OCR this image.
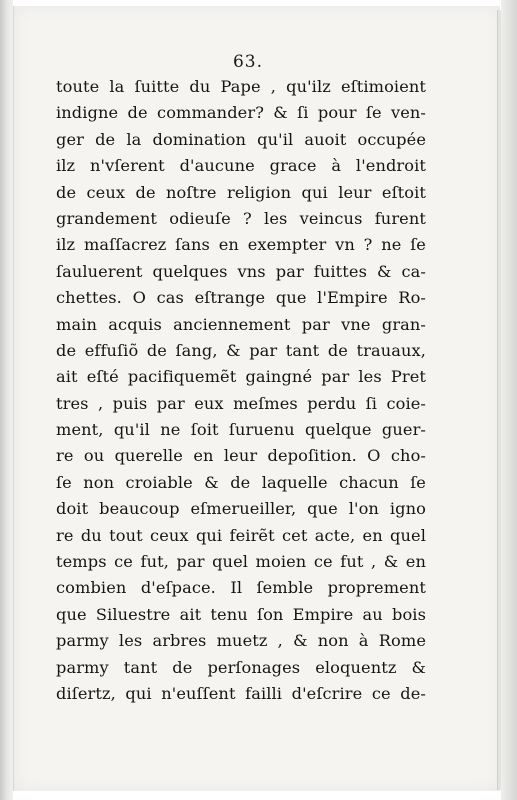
63.
toute la ſuitte du Pape , qu'ilz eſtimoient
indigne de commander? & ſi pour ſe ven-
ger de la domination qu'il auoit occupée
ilz n'vſerent d'aucune grace à l'endroit
de ceux de noſtre religion qui leur eſtoit
grandement odieuſe ? les veincus furent
ilz maſſacrez ſans en exempter vn ? ne ſe
ſauluerent quelques vns par fuittes & ca-
chettes. O cas eſtrange que l'Empire Ro-
main acquis anciennement par vne gran-
de effuſiõ de ſang, & par tant de trauaux,
ait eſté pacifiquemẽt gaingné par les Pret
tres , puis par eux meſmes perdu ſi coie-
ment, qu'il ne ſoit ſuruenu quelque guer-
re ou querelle en leur depoſition. O cho-
ſe non croiable & de laquelle chacun ſe
doit beaucoup eſmerueiller, que l'on igno
re du tout ceux qui feirẽt cet acte, en quel
temps ce fut, par quel moien ce fut , & en
combien d'eſpace. Il ſemble proprement
que Siluestre ait tenu ſon Empire au bois
parmy les arbres muetz , & non à Rome
parmy tant de perſonages eloquentz &
diſertz, qui n'euſſent failli d'eſcrire ce de-
